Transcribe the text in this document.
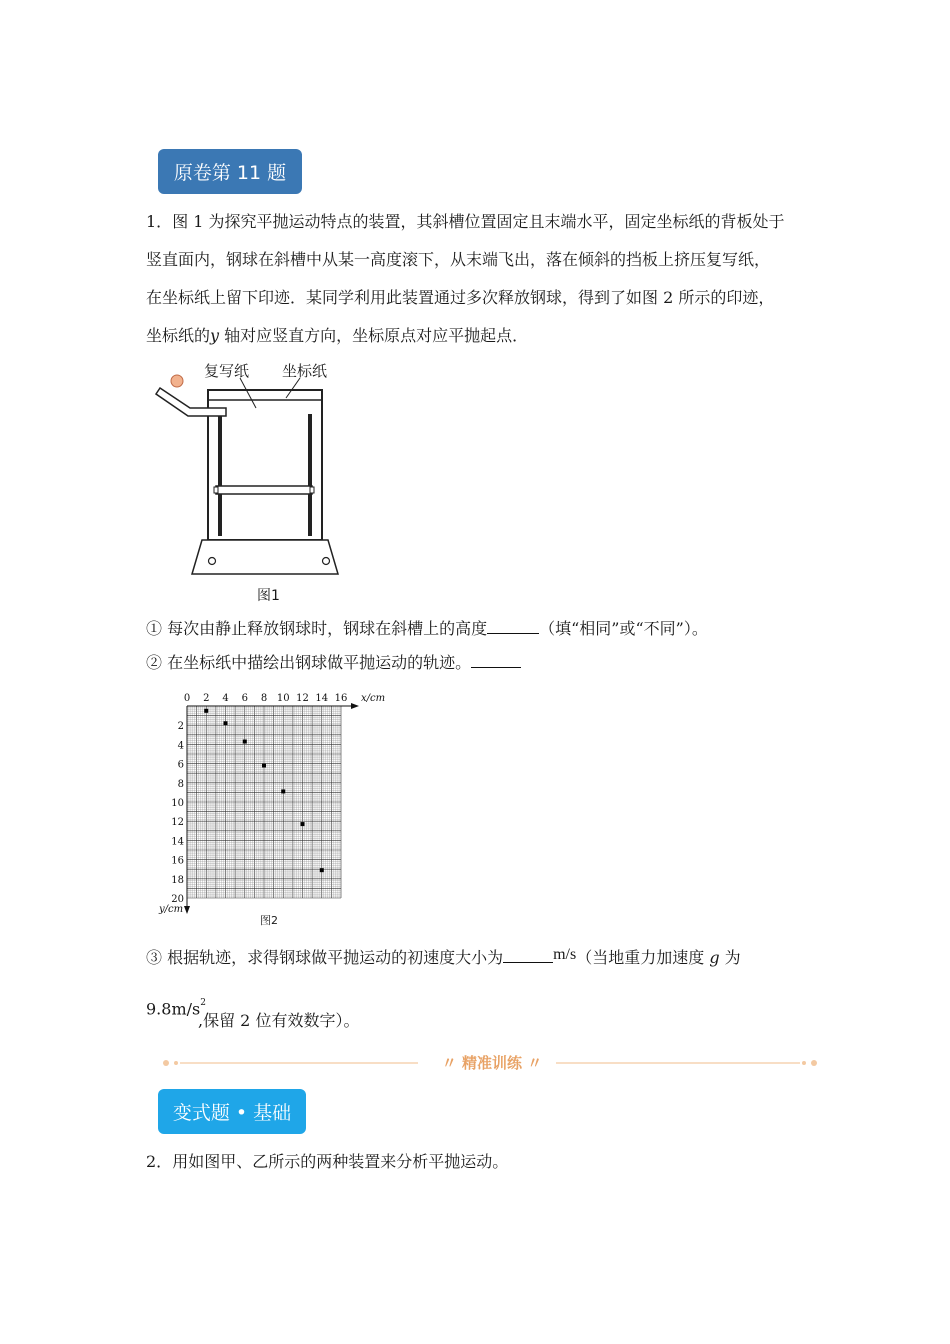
原卷第 11 题
1．图 1 为探究平抛运动特点的装置，其斜槽位置固定且末端水平，固定坐标纸的背板处于
竖直面内，钢球在斜槽中从某一高度滚下，从末端飞出，落在倾斜的挡板上挤压复写纸，
在坐标纸上留下印迹．某同学利用此装置通过多次释放钢球，得到了如图 2 所示的印迹，
坐标纸的y 轴对应竖直方向，坐标原点对应平抛起点．
复写纸 坐标纸
图1
① 每次由静止释放钢球时，钢球在斜槽上的高度	（填“相同”或“不同”）。
② 在坐标纸中描绘出钢球做平抛运动的轨迹。
0 2 4 6 8 10 12 14 16
2
4
6
8
10
12
14
16
18
20
x/cm
y/cm
图2
③ 根据轨迹，求得钢球做平抛运动的初速度大小为	m/s（当地重力加速度 g 为
$9.8m/s^2$
,保留 2 位有效数字）。
〃 精准训练 〃
变式题 • 基础
2．用如图甲、乙所示的两种装置来分析平抛运动。
